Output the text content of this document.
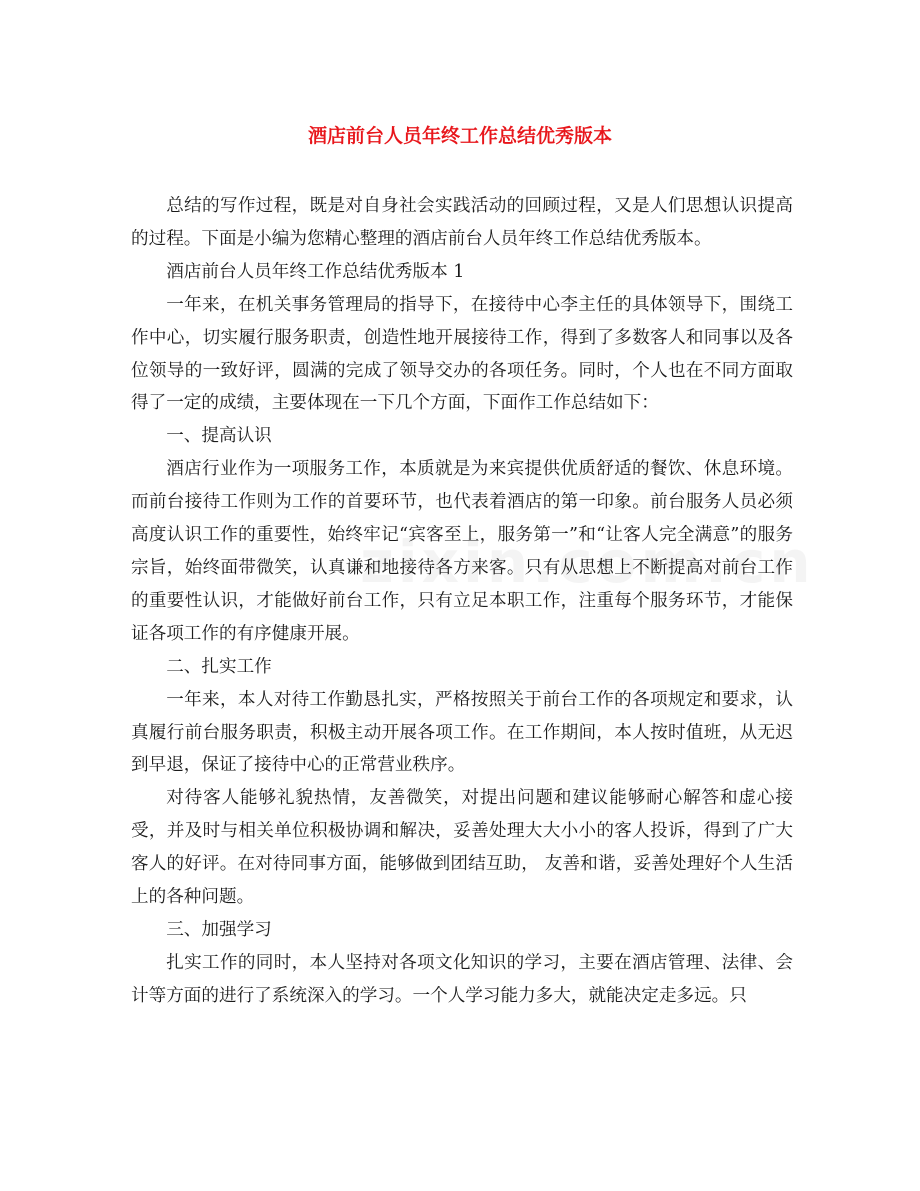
酒店前台人员年终工作总结优秀版本

总结的写作过程，既是对自身社会实践活动的回顾过程，又是人们思想认识提高的过程。下面是小编为您精心整理的酒店前台人员年终工作总结优秀版本。

酒店前台人员年终工作总结优秀版本 1

一年来，在机关事务管理局的指导下，在接待中心李主任的具体领导下，围绕工作中心，切实履行服务职责，创造性地开展接待工作，得到了多数客人和同事以及各位领导的一致好评，圆满的完成了领导交办的各项任务。同时，个人也在不同方面取得了一定的成绩，主要体现在一下几个方面，下面作工作总结如下：

一、提高认识

酒店行业作为一项服务工作，本质就是为来宾提供优质舒适的餐饮、休息环境。而前台接待工作则为工作的首要环节，也代表着酒店的第一印象。前台服务人员必须高度认识工作的重要性，始终牢记“宾客至上，服务第一”和“让客人完全满意”的服务宗旨，始终面带微笑，认真谦和地接待各方来客。只有从思想上不断提高对前台工作的重要性认识，才能做好前台工作，只有立足本职工作，注重每个服务环节，才能保证各项工作的有序健康开展。

二、扎实工作

一年来，本人对待工作勤恳扎实，严格按照关于前台工作的各项规定和要求，认真履行前台服务职责，积极主动开展各项工作。在工作期间，本人按时值班，从无迟到早退，保证了接待中心的正常营业秩序。

对待客人能够礼貌热情，友善微笑，对提出问题和建议能够耐心解答和虚心接受，并及时与相关单位积极协调和解决，妥善处理大大小小的客人投诉，得到了广大客人的好评。在对待同事方面，能够做到团结互助， 友善和谐，妥善处理好个人生活上的各种问题。

三、加强学习

扎实工作的同时，本人坚持对各项文化知识的学习，主要在酒店管理、法律、会计等方面的进行了系统深入的学习。一个人学习能力多大，就能决定走多远。只
